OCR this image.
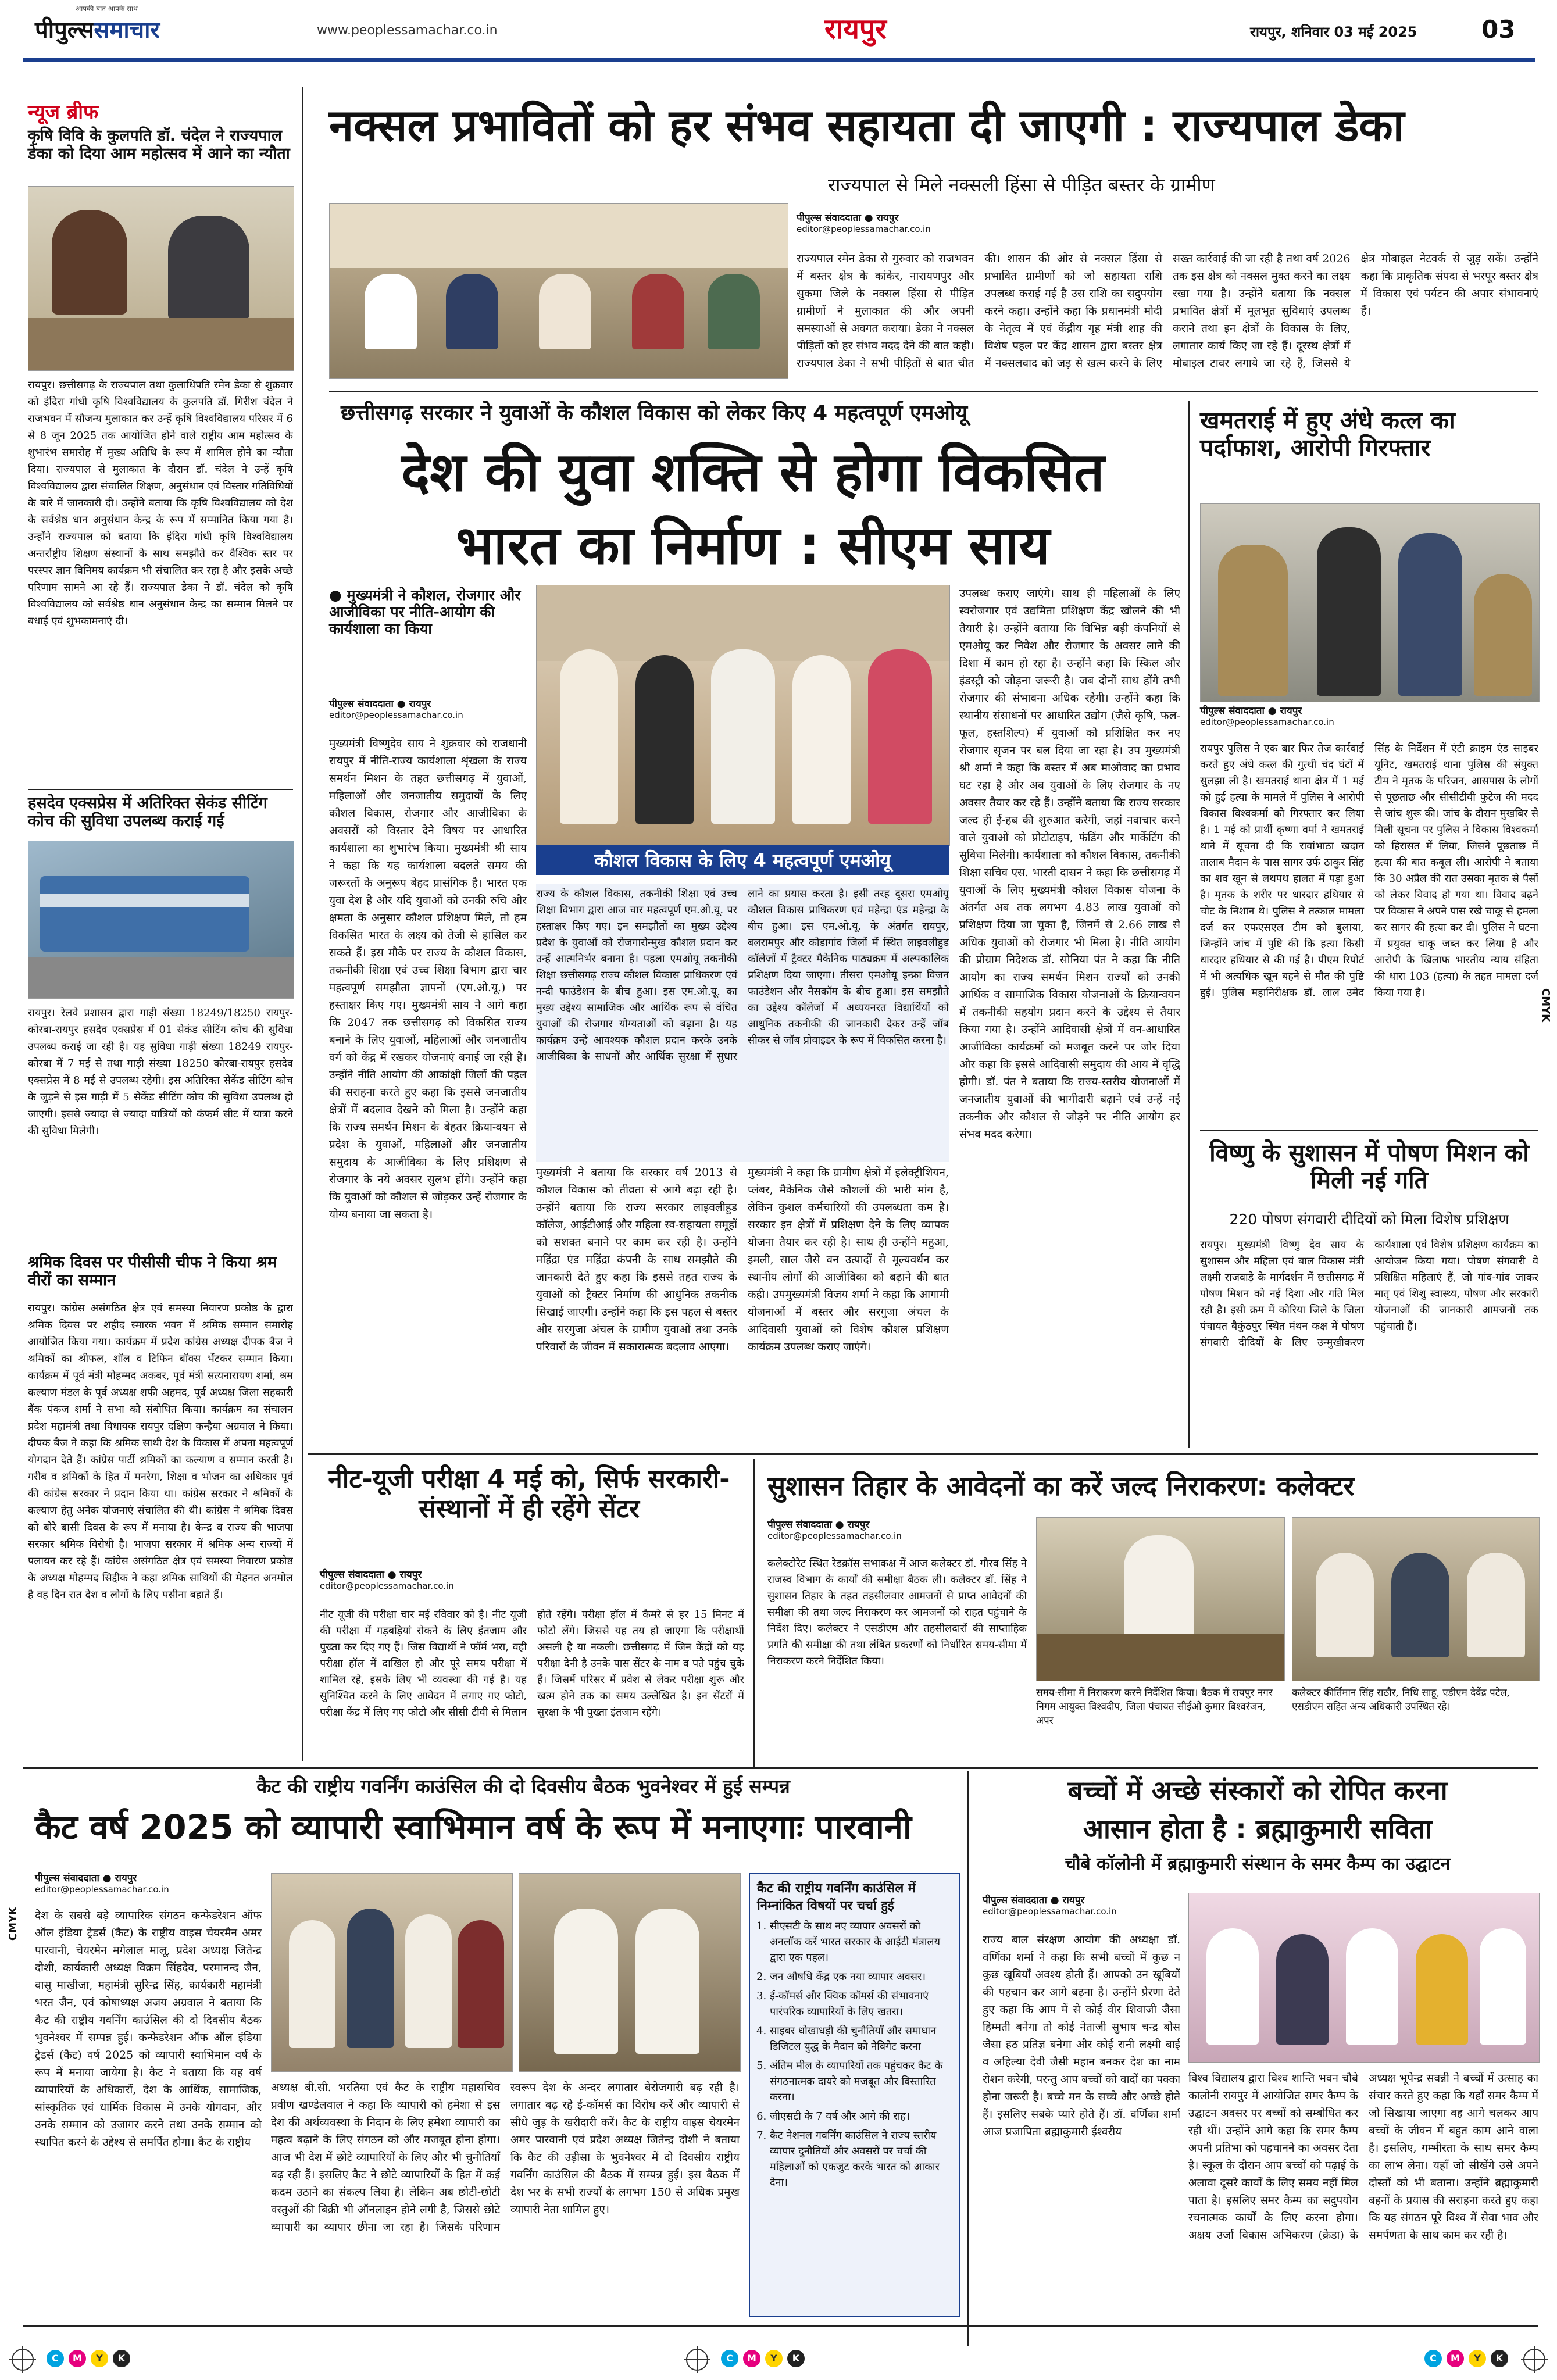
पीपुल्ससमाचार
आपकी बात आपके साथ
www.peoplessamachar.co.in	रायपुर	रायपुर, शनिवार 03 मई 2025	03
न्यूज ब्रीफ
कृषि विवि के कुलपति डॉ. चंदेल ने राज्यपाल डेका को दिया आम महोत्सव में आने का न्यौता
रायपुर। छत्तीसगढ़ के राज्यपाल तथा कुलाधिपति रमेन डेका से शुक्रवार को इंदिरा गांधी कृषि विश्वविद्यालय के कुलपति डॉ. गिरीश चंदेल ने राजभवन में सौजन्य मुलाकात कर उन्हें कृषि विश्वविद्यालय परिसर में 6 से 8 जून 2025 तक आयोजित होने वाले राष्ट्रीय आम महोत्सव के शुभारंभ समारोह में मुख्य अतिथि के रूप में शामिल होने का न्यौता दिया। राज्यपाल से मुलाकात के दौरान डॉ. चंदेल ने उन्हें कृषि विश्वविद्यालय द्वारा संचालित शिक्षण, अनुसंधान एवं विस्तार गतिविधियों के बारे में जानकारी दी। उन्होंने बताया कि कृषि विश्वविद्यालय को देश के सर्वश्रेष्ठ धान अनुसंधान केन्द्र के रूप में सम्मानित किया गया है। उन्होंने राज्यपाल को बताया कि इंदिरा गांधी कृषि विश्वविद्यालय अन्तर्राष्ट्रीय शिक्षण संस्थानों के साथ समझौते कर वैश्विक स्तर पर परस्पर ज्ञान विनिमय कार्यक्रम भी संचालित कर रहा है और इसके अच्छे परिणाम सामने आ रहे हैं। राज्यपाल डेका ने डॉ. चंदेल को कृषि विश्वविद्यालय को सर्वश्रेष्ठ धान अनुसंधान केन्द्र का सम्मान मिलने पर बधाई एवं शुभकामनाएं दी।
हसदेव एक्सप्रेस में अतिरिक्त सेकंड सीटिंग कोच की सुविधा उपलब्ध कराई गई
रायपुर। रेलवे प्रशासन द्वारा गाड़ी संख्या 18249/18250 रायपुर-कोरबा-रायपुर हसदेव एक्सप्रेस में 01 सेकंड सीटिंग कोच की सुविधा उपलब्ध कराई जा रही है। यह सुविधा गाड़ी संख्या 18249 रायपुर-कोरबा में 7 मई से तथा गाड़ी संख्या 18250 कोरबा-रायपुर हसदेव एक्सप्रेस में 8 मई से उपलब्ध रहेगी। इस अतिरिक्त सेकेंड सीटिंग कोच के जुड़ने से इस गाड़ी में 5 सेकेंड सीटिंग कोच की सुविधा उपलब्ध हो जाएगी। इससे ज्यादा से ज्यादा यात्रियों को कंफर्म सीट में यात्रा करने की सुविधा मिलेगी।
श्रमिक दिवस पर पीसीसी चीफ ने किया श्रम वीरों का सम्मान
रायपुर। कांग्रेस असंगठित क्षेत्र एवं समस्या निवारण प्रकोष्ठ के द्वारा श्रमिक दिवस पर शहीद स्मारक भवन में श्रमिक सम्मान समारोह आयोजित किया गया। कार्यक्रम में प्रदेश कांग्रेस अध्यक्ष दीपक बैज ने श्रमिकों का श्रीफल, शॉल व टिफिन बॉक्स भेंटकर सम्मान किया। कार्यक्रम में पूर्व मंत्री मोहम्मद अकबर, पूर्व मंत्री सत्यनारायण शर्मा, श्रम कल्याण मंडल के पूर्व अध्यक्ष शफी अहमद, पूर्व अध्यक्ष जिला सहकारी बैंक पंकज शर्मा ने सभा को संबोधित किया। कार्यक्रम का संचालन प्रदेश महामंत्री तथा विधायक रायपुर दक्षिण कन्हैया अग्रवाल ने किया। दीपक बैज ने कहा कि श्रमिक साथी देश के विकास में अपना महत्वपूर्ण योगदान देते हैं। कांग्रेस पार्टी श्रमिकों का कल्याण व सम्मान करती है। गरीब व श्रमिकों के हित में मनरेगा, शिक्षा व भोजन का अधिकार पूर्व की कांग्रेस सरकार ने प्रदान किया था। कांग्रेस सरकार ने श्रमिकों के कल्याण हेतु अनेक योजनाएं संचालित की थी। कांग्रेस ने श्रमिक दिवस को बोरे बासी दिवस के रूप में मनाया है। केन्द्र व राज्य की भाजपा सरकार श्रमिक विरोधी है। भाजपा सरकार में श्रमिक अन्य राज्यों में पलायन कर रहे हैं। कांग्रेस असंगठित क्षेत्र एवं समस्या निवारण प्रकोष्ठ के अध्यक्ष मोहम्मद सिद्दीक ने कहा श्रमिक साथियों की मेहनत अनमोल है वह दिन रात देश व लोगों के लिए पसीना बहाते हैं।
नक्सल प्रभावितों को हर संभव सहायता दी जाएगी : राज्यपाल डेका
राज्यपाल से मिले नक्सली हिंसा से पीड़ित बस्तर के ग्रामीण
पीपुल्स संवाददाता ● रायपुर
editor@peoplessamachar.co.in
राज्यपाल रमेन डेका से गुरुवार को राजभवन में बस्तर क्षेत्र के कांकेर, नारायणपुर और सुकमा जिले के नक्सल हिंसा से पीड़ित ग्रामीणों ने मुलाकात की और अपनी समस्याओं से अवगत कराया। डेका ने नक्सल पीड़ितों को हर संभव मदद देने की बात कही। राज्यपाल डेका ने सभी पीड़ितों से बात चीत की। शासन की ओर से नक्सल हिंसा से प्रभावित ग्रामीणों को जो सहायता राशि उपलब्ध कराई गई है उस राशि का सदुपयोग करने कहा। उन्होंने कहा कि प्रधानमंत्री मोदी के नेतृत्व में एवं केंद्रीय गृह मंत्री शाह की विशेष पहल पर केंद्र शासन द्वारा बस्तर क्षेत्र में नक्सलवाद को जड़ से खत्म करने के लिए सख्त कार्रवाई की जा रही है तथा वर्ष 2026 तक इस क्षेत्र को नक्सल मुक्त करने का लक्ष्य रखा गया है। उन्होंने बताया कि नक्सल प्रभावित क्षेत्रों में मूलभूत सुविधाएं उपलब्ध कराने तथा इन क्षेत्रों के विकास के लिए, लगातार कार्य किए जा रहे हैं। दूरस्थ क्षेत्रों में मोबाइल टावर लगाये जा रहे हैं, जिससे ये क्षेत्र मोबाइल नेटवर्क से जुड़ सकें। उन्होंने कहा कि प्राकृतिक संपदा से भरपूर बस्तर क्षेत्र में विकास एवं पर्यटन की अपार संभावनाएं हैं।
छत्तीसगढ़ सरकार ने युवाओं के कौशल विकास को लेकर किए 4 महत्वपूर्ण एमओयू
देश की युवा शक्ति से होगा विकसित
भारत का निर्माण : सीएम साय
● मुख्यमंत्री ने कौशल, रोजगार और आजीविका पर नीति-आयोग की कार्यशाला का किया
पीपुल्स संवाददाता ● रायपुर
editor@peoplessamachar.co.in
मुख्यमंत्री विष्णुदेव साय ने शुक्रवार को राजधानी रायपुर में नीति-राज्य कार्यशाला शृंखला के राज्य समर्थन मिशन के तहत छत्तीसगढ़ में युवाओं, महिलाओं और जनजातीय समुदायों के लिए कौशल विकास, रोजगार और आजीविका के अवसरों को विस्तार देने विषय पर आधारित कार्यशाला का शुभारंभ किया। मुख्यमंत्री श्री साय ने कहा कि यह कार्यशाला बदलते समय की जरूरतों के अनुरूप बेहद प्रासंगिक है। भारत एक युवा देश है और यदि युवाओं को उनकी रुचि और क्षमता के अनुसार कौशल प्रशिक्षण मिले, तो हम विकसित भारत के लक्ष्य को तेजी से हासिल कर सकते हैं। इस मौके पर राज्य के कौशल विकास, तकनीकी शिक्षा एवं उच्च शिक्षा विभाग द्वारा चार महत्वपूर्ण समझौता ज्ञापनों (एम.ओ.यू.) पर हस्ताक्षर किए गए। मुख्यमंत्री साय ने आगे कहा कि 2047 तक छत्तीसगढ़ को विकसित राज्य बनाने के लिए युवाओं, महिलाओं और जनजातीय वर्ग को केंद्र में रखकर योजनाएं बनाई जा रही हैं। उन्होंने नीति आयोग की आकांक्षी जिलों की पहल की सराहना करते हुए कहा कि इससे जनजातीय क्षेत्रों में बदलाव देखने को मिला है। उन्होंने कहा कि राज्य समर्थन मिशन के बेहतर क्रियान्वयन से प्रदेश के युवाओं, महिलाओं और जनजातीय समुदाय के आजीविका के लिए प्रशिक्षण से रोजगार के नये अवसर सुलभ होंगे। उन्होंने कहा कि युवाओं को कौशल से जोड़कर उन्हें रोजगार के योग्य बनाया जा सकता है।
कौशल विकास के लिए 4 महत्वपूर्ण एमओयू
राज्य के कौशल विकास, तकनीकी शिक्षा एवं उच्च शिक्षा विभाग द्वारा आज चार महत्वपूर्ण एम.ओ.यू. पर हस्ताक्षर किए गए। इन समझौतों का मुख्य उद्देश्य प्रदेश के युवाओं को रोजगारोन्मुख कौशल प्रदान कर उन्हें आत्मनिर्भर बनाना है। पहला एमओयू तकनीकी शिक्षा छत्तीसगढ़ राज्य कौशल विकास प्राधिकरण एवं नन्दी फाउंडेशन के बीच हुआ। इस एम.ओ.यू. का मुख्य उद्देश्य सामाजिक और आर्थिक रूप से वंचित युवाओं की रोजगार योग्यताओं को बढ़ाना है। यह कार्यक्रम उन्हें आवश्यक कौशल प्रदान करके उनके आजीविका के साधनों और आर्थिक सुरक्षा में सुधार लाने का प्रयास करता है। इसी तरह दूसरा एमओयू कौशल विकास प्राधिकरण एवं महेन्द्रा एंड महेन्द्रा के बीच हुआ। इस एम.ओ.यू. के अंतर्गत रायपुर, बलरामपुर और कोडागांव जिलों में स्थित लाइवलीहुड कॉलेजों में ट्रैक्टर मैकेनिक पाठ्यक्रम में अल्पकालिक प्रशिक्षण दिया जाएगा। तीसरा एमओयू इन्फ्रा विजन फाउंडेशन और नैसकॉम के बीच हुआ। इस समझौते का उद्देश्य कॉलेजों में अध्ययनरत विद्यार्थियों को आधुनिक तकनीकी की जानकारी देकर उन्हें जॉब सीकर से जॉब प्रोवाइडर के रूप में विकसित करना है।
मुख्यमंत्री ने बताया कि सरकार वर्ष 2013 से कौशल विकास को तीव्रता से आगे बढ़ा रही है। उन्होंने बताया कि राज्य सरकार लाइवलीहुड कॉलेज, आईटीआई और महिला स्व-सहायता समूहों को सशक्त बनाने पर काम कर रही है। उन्होंने महिंद्रा एंड महिंद्रा कंपनी के साथ समझौते की जानकारी देते हुए कहा कि इससे तहत राज्य के युवाओं को ट्रैक्टर निर्माण की आधुनिक तकनीक सिखाई जाएगी। उन्होंने कहा कि इस पहल से बस्तर और सरगुजा अंचल के ग्रामीण युवाओं तथा उनके परिवारों के जीवन में सकारात्मक बदलाव आएगा।
मुख्यमंत्री ने कहा कि ग्रामीण क्षेत्रों में इलेक्ट्रीशियन, प्लंबर, मैकेनिक जैसे कौशलों की भारी मांग है, लेकिन कुशल कर्मचारियों की उपलब्धता कम है। सरकार इन क्षेत्रों में प्रशिक्षण देने के लिए व्यापक योजना तैयार कर रही है। साथ ही उन्होंने महुआ, इमली, साल जैसे वन उत्पादों से मूल्यवर्धन कर स्थानीय लोगों की आजीविका को बढ़ाने की बात कही। उपमुख्यमंत्री विजय शर्मा ने कहा कि आगामी योजनाओं में बस्तर और सरगुजा अंचल के आदिवासी युवाओं को विशेष कौशल प्रशिक्षण कार्यक्रम उपलब्ध कराए जाएंगे।
उपलब्ध कराए जाएंगे। साथ ही महिलाओं के लिए स्वरोजगार एवं उद्यमिता प्रशिक्षण केंद्र खोलने की भी तैयारी है। उन्होंने बताया कि विभिन्न बड़ी कंपनियों से एमओयू कर निवेश और रोजगार के अवसर लाने की दिशा में काम हो रहा है। उन्होंने कहा कि स्किल और इंडस्ट्री को जोड़ना जरूरी है। जब दोनों साथ होंगे तभी रोजगार की संभावना अधिक रहेगी। उन्होंने कहा कि स्थानीय संसाधनों पर आधारित उद्योग (जैसे कृषि, फल-फूल, हस्तशिल्प) में युवाओं को प्रशिक्षित कर नए रोजगार सृजन पर बल दिया जा रहा है। उप मुख्यमंत्री श्री शर्मा ने कहा कि बस्तर में अब माओवाद का प्रभाव घट रहा है और अब युवाओं के लिए रोजगार के नए अवसर तैयार कर रहे हैं। उन्होंने बताया कि राज्य सरकार जल्द ही ई-हब की शुरुआत करेगी, जहां नवाचार करने वाले युवाओं को प्रोटोटाइप, फंडिंग और मार्केटिंग की सुविधा मिलेगी। कार्यशाला को कौशल विकास, तकनीकी शिक्षा सचिव एस. भारती दासन ने कहा कि छत्तीसगढ़ में युवाओं के लिए मुख्यमंत्री कौशल विकास योजना के अंतर्गत अब तक लगभग 4.83 लाख युवाओं को प्रशिक्षण दिया जा चुका है, जिनमें से 2.66 लाख से अधिक युवाओं को रोजगार भी मिला है। नीति आयोग की प्रोग्राम निदेशक डॉ. सोनिया पंत ने कहा कि नीति आयोग का राज्य समर्थन मिशन राज्यों को उनकी आर्थिक व सामाजिक विकास योजनाओं के क्रियान्वयन में तकनीकी सहयोग प्रदान करने के उद्देश्य से तैयार किया गया है। उन्होंने आदिवासी क्षेत्रों में वन-आधारित आजीविका कार्यक्रमों को मजबूत करने पर जोर दिया और कहा कि इससे आदिवासी समुदाय की आय में वृद्धि होगी। डॉ. पंत ने बताया कि राज्य-स्तरीय योजनाओं में जनजातीय युवाओं की भागीदारी बढ़ाने एवं उन्हें नई तकनीक और कौशल से जोड़ने पर नीति आयोग हर संभव मदद करेगा।
खमतराई में हुए अंधे कत्ल का पर्दाफाश, आरोपी गिरफ्तार
पीपुल्स संवाददाता ● रायपुर
editor@peoplessamachar.co.in
रायपुर पुलिस ने एक बार फिर तेज कार्रवाई करते हुए अंधे कत्ल की गुत्थी चंद घंटों में सुलझा ली है। खमतराई थाना क्षेत्र में 1 मई को हुई हत्या के मामले में पुलिस ने आरोपी विकास विश्वकर्मा को गिरफ्तार कर लिया है। 1 मई को प्रार्थी कृष्णा वर्मा ने खमतराई थाने में सूचना दी कि रावांभाठा खदान तालाब मैदान के पास सागर उर्फ ठाकुर सिंह का शव खून से लथपथ हालत में पड़ा हुआ है। मृतक के शरीर पर धारदार हथियार से चोट के निशान थे। पुलिस ने तत्काल मामला दर्ज कर एफएसएल टीम को बुलाया, जिन्होंने जांच में पुष्टि की कि हत्या किसी धारदार हथियार से की गई है। पीएम रिपोर्ट में भी अत्यधिक खून बहने से मौत की पुष्टि हुई। पुलिस महानिरीक्षक डॉ. लाल उमेद सिंह के निर्देशन में एंटी क्राइम एंड साइबर यूनिट, खमतराई थाना पुलिस की संयुक्त टीम ने मृतक के परिजन, आसपास के लोगों से पूछताछ और सीसीटीवी फुटेज की मदद से जांच शुरू की। जांच के दौरान मुखबिर से मिली सूचना पर पुलिस ने विकास विश्वकर्मा को हिरासत में लिया, जिसने पूछताछ में हत्या की बात कबूल ली। आरोपी ने बताया कि 30 अप्रैल की रात उसका मृतक से पैसों को लेकर विवाद हो गया था। विवाद बढ़ने पर विकास ने अपने पास रखे चाकू से हमला कर सागर की हत्या कर दी। पुलिस ने घटना में प्रयुक्त चाकू जब्त कर लिया है और आरोपी के खिलाफ भारतीय न्याय संहिता की धारा 103 (हत्या) के तहत मामला दर्ज किया गया है।
विष्णु के सुशासन में पोषण मिशन को मिली नई गति
220 पोषण संगवारी दीदियों को मिला विशेष प्रशिक्षण
रायपुर। मुख्यमंत्री विष्णु देव साय के सुशासन और महिला एवं बाल विकास मंत्री लक्ष्मी राजवाड़े के मार्गदर्शन में छत्तीसगढ़ में पोषण मिशन को नई दिशा और गति मिल रही है। इसी क्रम में कोरिया जिले के जिला पंचायत बैकुंठपुर स्थित मंथन कक्ष में पोषण संगवारी दीदियों के लिए उन्मुखीकरण कार्यशाला एवं विशेष प्रशिक्षण कार्यक्रम का आयोजन किया गया। पोषण संगवारी वे प्रशिक्षित महिलाएं हैं, जो गांव-गांव जाकर मातृ एवं शिशु स्वास्थ्य, पोषण और सरकारी योजनाओं की जानकारी आमजनों तक पहुंचाती हैं।
नीट-यूजी परीक्षा 4 मई को, सिर्फ सरकारी-संस्थानों में ही रहेंगे सेंटर
पीपुल्स संवाददाता ● रायपुर
editor@peoplessamachar.co.in
नीट यूजी की परीक्षा चार मई रविवार को है। नीट यूजी की परीक्षा में गड़बड़ियां रोकने के लिए इंतजाम और पुख्ता कर दिए गए हैं। जिस विद्यार्थी ने फॉर्म भरा, वही परीक्षा हॉल में दाखिल हो और पूरे समय परीक्षा में शामिल रहे, इसके लिए भी व्यवस्था की गई है। यह सुनिश्चित करने के लिए आवेदन में लगाए गए फोटो, परीक्षा केंद्र में लिए गए फोटो और सीसी टीवी से मिलान होते रहेंगे। परीक्षा हॉल में कैमरे से हर 15 मिनट में फोटो लेंगे। जिससे यह तय हो जाएगा कि परीक्षार्थी असली है या नकली। छत्तीसगढ़ में जिन केंद्रों को यह परीक्षा देनी है उनके पास सेंटर के नाम व पते पहुंच चुके हैं। जिसमें परिसर में प्रवेश से लेकर परीक्षा शुरू और खत्म होने तक का समय उल्लेखित है। इन सेंटरों में सुरक्षा के भी पुख्ता इंतजाम रहेंगे।
सुशासन तिहार के आवेदनों का करें जल्द निराकरण: कलेक्टर
पीपुल्स संवाददाता ● रायपुर
editor@peoplessamachar.co.in
कलेक्टोरेट स्थित रेडक्रॉस सभाकक्ष में आज कलेक्टर डॉ. गौरव सिंह ने राजस्व विभाग के कार्यों की समीक्षा बैठक ली। कलेक्टर डॉ. सिंह ने सुशासन तिहार के तहत तहसीलवार आमजनों से प्राप्त आवेदनों की समीक्षा की तथा जल्द निराकरण कर आमजनों को राहत पहुंचाने के निर्देश दिए। कलेक्टर ने एसडीएम और तहसीलदारों की साप्ताहिक प्रगति की समीक्षा की तथा लंबित प्रकरणों को निर्धारित समय-सीमा में निराकरण करने निर्देशित किया।
समय-सीमा में निराकरण करने निर्देशित किया। बैठक में रायपुर नगर निगम आयुक्त विश्वदीप, जिला पंचायत सीईओ कुमार बिश्वरंजन, अपर
कलेक्टर कीर्तिमान सिंह राठौर, निधि साहू, एडीएम देवेंद्र पटेल, एसडीएम सहित अन्य अधिकारी उपस्थित रहे।
कैट की राष्ट्रीय गवर्निंग काउंसिल की दो दिवसीय बैठक भुवनेश्वर में हुई सम्पन्न
कैट वर्ष 2025 को व्यापारी स्वाभिमान वर्ष के रूप में मनाएगाः पारवानी
पीपुल्स संवाददाता ● रायपुर
editor@peoplessamachar.co.in
देश के सबसे बड़े व्यापारिक संगठन कन्फेडरेशन ऑफ ऑल इंडिया ट्रेडर्स (कैट) के राष्ट्रीय वाइस चेयरमैन अमर पारवानी, चेयरमेन मगेलाल मालू, प्रदेश अध्यक्ष जितेन्द्र दोशी, कार्यकारी अध्यक्ष विक्रम सिंहदेव, परमानन्द जैन, वासु माखीजा, महामंत्री सुरिन्द्र सिंह, कार्यकारी महामंत्री भरत जैन, एवं कोषाध्यक्ष अजय अग्रवाल ने बताया कि कैट की राष्ट्रीय गवर्निंग काउंसिल की दो दिवसीय बैठक भुवनेश्वर में सम्पन्न हुई। कन्फेडरेशन ऑफ ऑल इंडिया ट्रेडर्स (कैट) वर्ष 2025 को व्यापारी स्वाभिमान वर्ष के रूप में मनाया जायेगा है। कैट ने बताया कि यह वर्ष व्यापारियों के अधिकारों, देश के आर्थिक, सामाजिक, सांस्कृतिक एवं धार्मिक विकास में उनके योगदान, और उनके सम्मान को उजागर करने तथा उनके सम्मान को स्थापित करने के उद्देश्य से समर्पित होगा। कैट के राष्ट्रीय
अध्यक्ष बी.सी. भरतिया एवं कैट के राष्ट्रीय महासचिव प्रवीण खण्डेलवाल ने कहा कि व्यापारी को हमेशा से इस देश की अर्थव्यवस्था के निदान के लिए हमेशा व्यापारी का महत्व बढ़ाने के लिए संगठन को और मजबूत होना होगा। आज भी देश में छोटे व्यापारियों के लिए और भी चुनौतियाँ बढ़ रही हैं। इसलिए कैट ने छोटे व्यापारियों के हित में कई कदम उठाने का संकल्प लिया है। लेकिन अब छोटी-छोटी वस्तुओं की बिक्री भी ऑनलाइन होने लगी है, जिससे छोटे व्यापारी का व्यापार छीना जा रहा है। जिसके परिणाम स्वरूप देश के अन्दर लगातार बेरोजगारी बढ़ रही है। लगातार बढ़ रहे ई-कॉमर्स का विरोध करें और व्यापारी से सीधे जुड़ के खरीदारी करें। कैट के राष्ट्रीय वाइस चेयरमेन अमर पारवानी एवं प्रदेश अध्यक्ष जितेन्द्र दोशी ने बताया कि कैट की उड़ीसा के भुवनेश्वर में दो दिवसीय राष्ट्रीय गवर्निंग काउंसिल की बैठक में सम्पन्न हुई। इस बैठक में देश भर के सभी राज्यों के लगभग 150 से अधिक प्रमुख व्यापारी नेता शामिल हुए।
कैट की राष्ट्रीय गवर्निंग काउंसिल में निम्नांकित विषयों पर चर्चा हुई
1. सीएसटी के साथ नए व्यापार अवसरों को अनलॉक करें भारत सरकार के आईटी मंत्रालय द्वारा एक पहल।
2. जन औषधि केंद्र एक नया व्यापार अवसर।
3. ई-कॉमर्स और क्विक कॉमर्स की संभावनाएं पारंपरिक व्यापारियों के लिए खतरा।
4. साइबर धोखाधड़ी की चुनौतियाँ और समाधान डिजिटल युद्ध के मैदान को नेविगेट करना
5. अंतिम मील के व्यापारियों तक पहुंचकर कैट के संगठनात्मक दायरे को मजबूत और विस्तारित करना।
6. जीएसटी के 7 वर्ष और आगे की राह।
7. कैट नेशनल गवर्निंग काउंसिल ने राज्य स्तरीय व्यापार दुनौतियों और अवसरों पर चर्चा की महिलाओं को एकजुट करके भारत को आकार देना।
बच्चों में अच्छे संस्कारों को रोपित करना
आसान होता है : ब्रह्माकुमारी सविता
चौबे कॉलोनी में ब्रह्माकुमारी संस्थान के समर कैम्प का उद्घाटन
पीपुल्स संवाददाता ● रायपुर
editor@peoplessamachar.co.in
राज्य बाल संरक्षण आयोग की अध्यक्षा डॉ. वर्णिका शर्मा ने कहा कि सभी बच्चों में कुछ न कुछ खूबियाँ अवश्य होती हैं। आपको उन खूबियों की पहचान कर आगे बढ़ना है। उन्होंने प्रेरणा देते हुए कहा कि आप में से कोई वीर शिवाजी जैसा हिम्मती बनेगा तो कोई नेताजी सुभाष चन्द्र बोस जैसा हठ प्रतिज्ञ बनेगा और कोई रानी लक्ष्मी बाई व अहिल्या देवी जैसी महान बनकर देश का नाम रोशन करेगी, परन्तु आप बच्चों को वादों का पक्का होना जरूरी है। बच्चे मन के सच्चे और अच्छे होते हैं। इसलिए सबके प्यारे होते हैं। डॉ. वर्णिका शर्मा आज प्रजापिता ब्रह्माकुमारी ईश्वरीय
विश्व विद्यालय द्वारा विश्व शान्ति भवन चौबे कालोनी रायपुर में आयोजित समर कैम्प के उद्घाटन अवसर पर बच्चों को सम्बोधित कर रही थीं। उन्होंने आगे कहा कि समर कैम्प अपनी प्रतिभा को पहचानने का अवसर देता है। स्कूल के दौरान आप बच्चों को पढ़ाई के अलावा दूसरे कार्यों के लिए समय नहीं मिल पाता है। इसलिए समर कैम्प का सदुपयोग रचनात्मक कार्यों के लिए करना होगा। अक्षय उर्जा विकास अभिकरण (क्रेडा) के अध्यक्ष भूपेन्द्र सवन्नी ने बच्चों में उत्साह का संचार करते हुए कहा कि यहाँ समर कैम्प में जो सिखाया जाएगा वह आगे चलकर आप बच्चों के जीवन में बहुत काम आने वाला है। इसलिए, गम्भीरता के साथ समर कैम्प का लाभ लेना। यहाँ जो सीखेंगे उसे अपने दोस्तों को भी बताना। उन्होंने ब्रह्माकुमारी बहनों के प्रयास की सराहना करते हुए कहा कि यह संगठन पूरे विश्व में सेवा भाव और समर्पणता के साथ काम कर रही है।
C	M	Y	K	C	M	Y	K	C	M	Y	K
CMYK
CMYK
